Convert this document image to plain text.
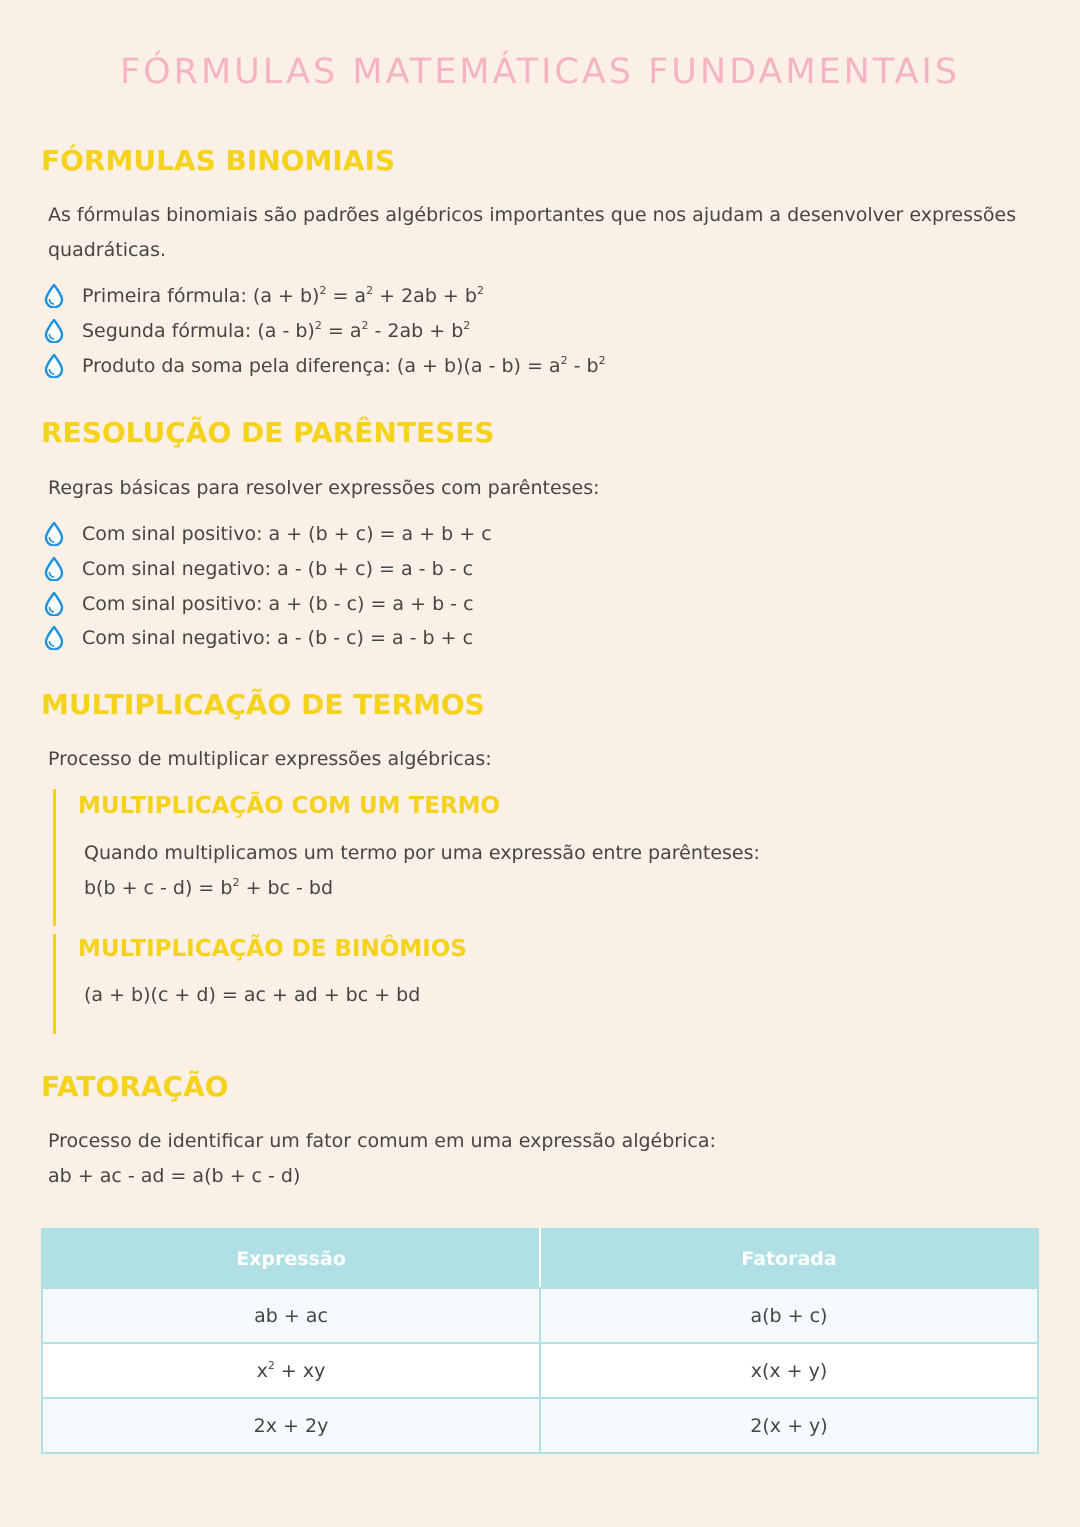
FÓRMULAS MATEMÁTICAS FUNDAMENTAIS
FÓRMULAS BINOMIAIS

As fórmulas binomiais são padrões algébricos importantes que nos ajudam a desenvolver expressões quadráticas.

Primeira fórmula:
$(a + b)^2 = a^2 + 2ab + b^2$
Segunda fórmula:
$(a - b)^2 = a^2 - 2ab + b^2$
Produto da soma pela diferença:
$(a + b)(a - b) = a^2 - b^2$
RESOLUÇÃO DE PARÊNTESES

Regras básicas para resolver expressões com parênteses:

Com sinal positivo: a + (b + c) = a + b + c
Com sinal negativo: a - (b + c) = a - b - c
Com sinal positivo: a + (b - c) = a + b - c
Com sinal negativo: a - (b - c) = a - b + c
MULTIPLICAÇÃO DE TERMOS

Processo de multiplicar expressões algébricas:

MULTIPLICAÇÃO COM UM TERMO

Quando multiplicamos um termo por uma expressão entre parênteses:

$b(b + c - d) = b^2$ + bc - bd

MULTIPLICAÇÃO DE BINÔMIOS

(a + b)(c + d) = ac + ad + bc + bd

FATORAÇÃO

Processo de identificar um fator comum em uma expressão algébrica:

ab + ac - ad = a(b + c - d)

Expressão	Fatorada
ab + ac	a(b + c)
$x^2$ + xy	x(x + y)
2x + 2y	2(x + y)
